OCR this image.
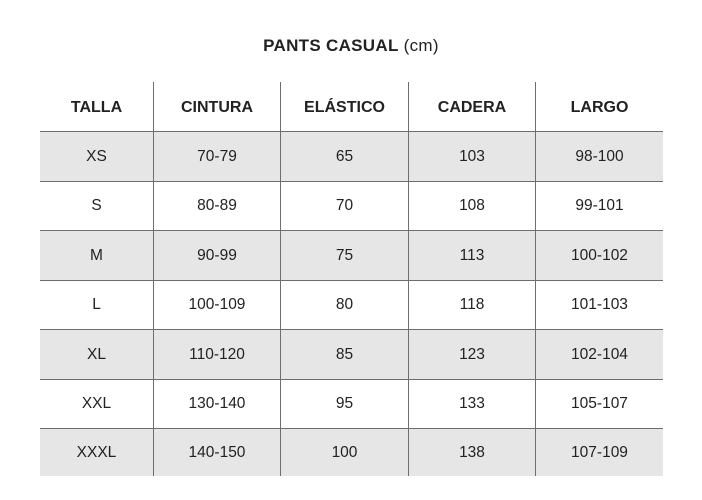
PANTS CASUAL (cm)
TALLA	CINTURA	ELÁSTICO	CADERA	LARGO
XS	70-79	65	103	98-100
S	80-89	70	108	99-101
M	90-99	75	113	100-102
L	100-109	80	118	101-103
XL	110-120	85	123	102-104
XXL	130-140	95	133	105-107
XXXL	140-150	100	138	107-109
